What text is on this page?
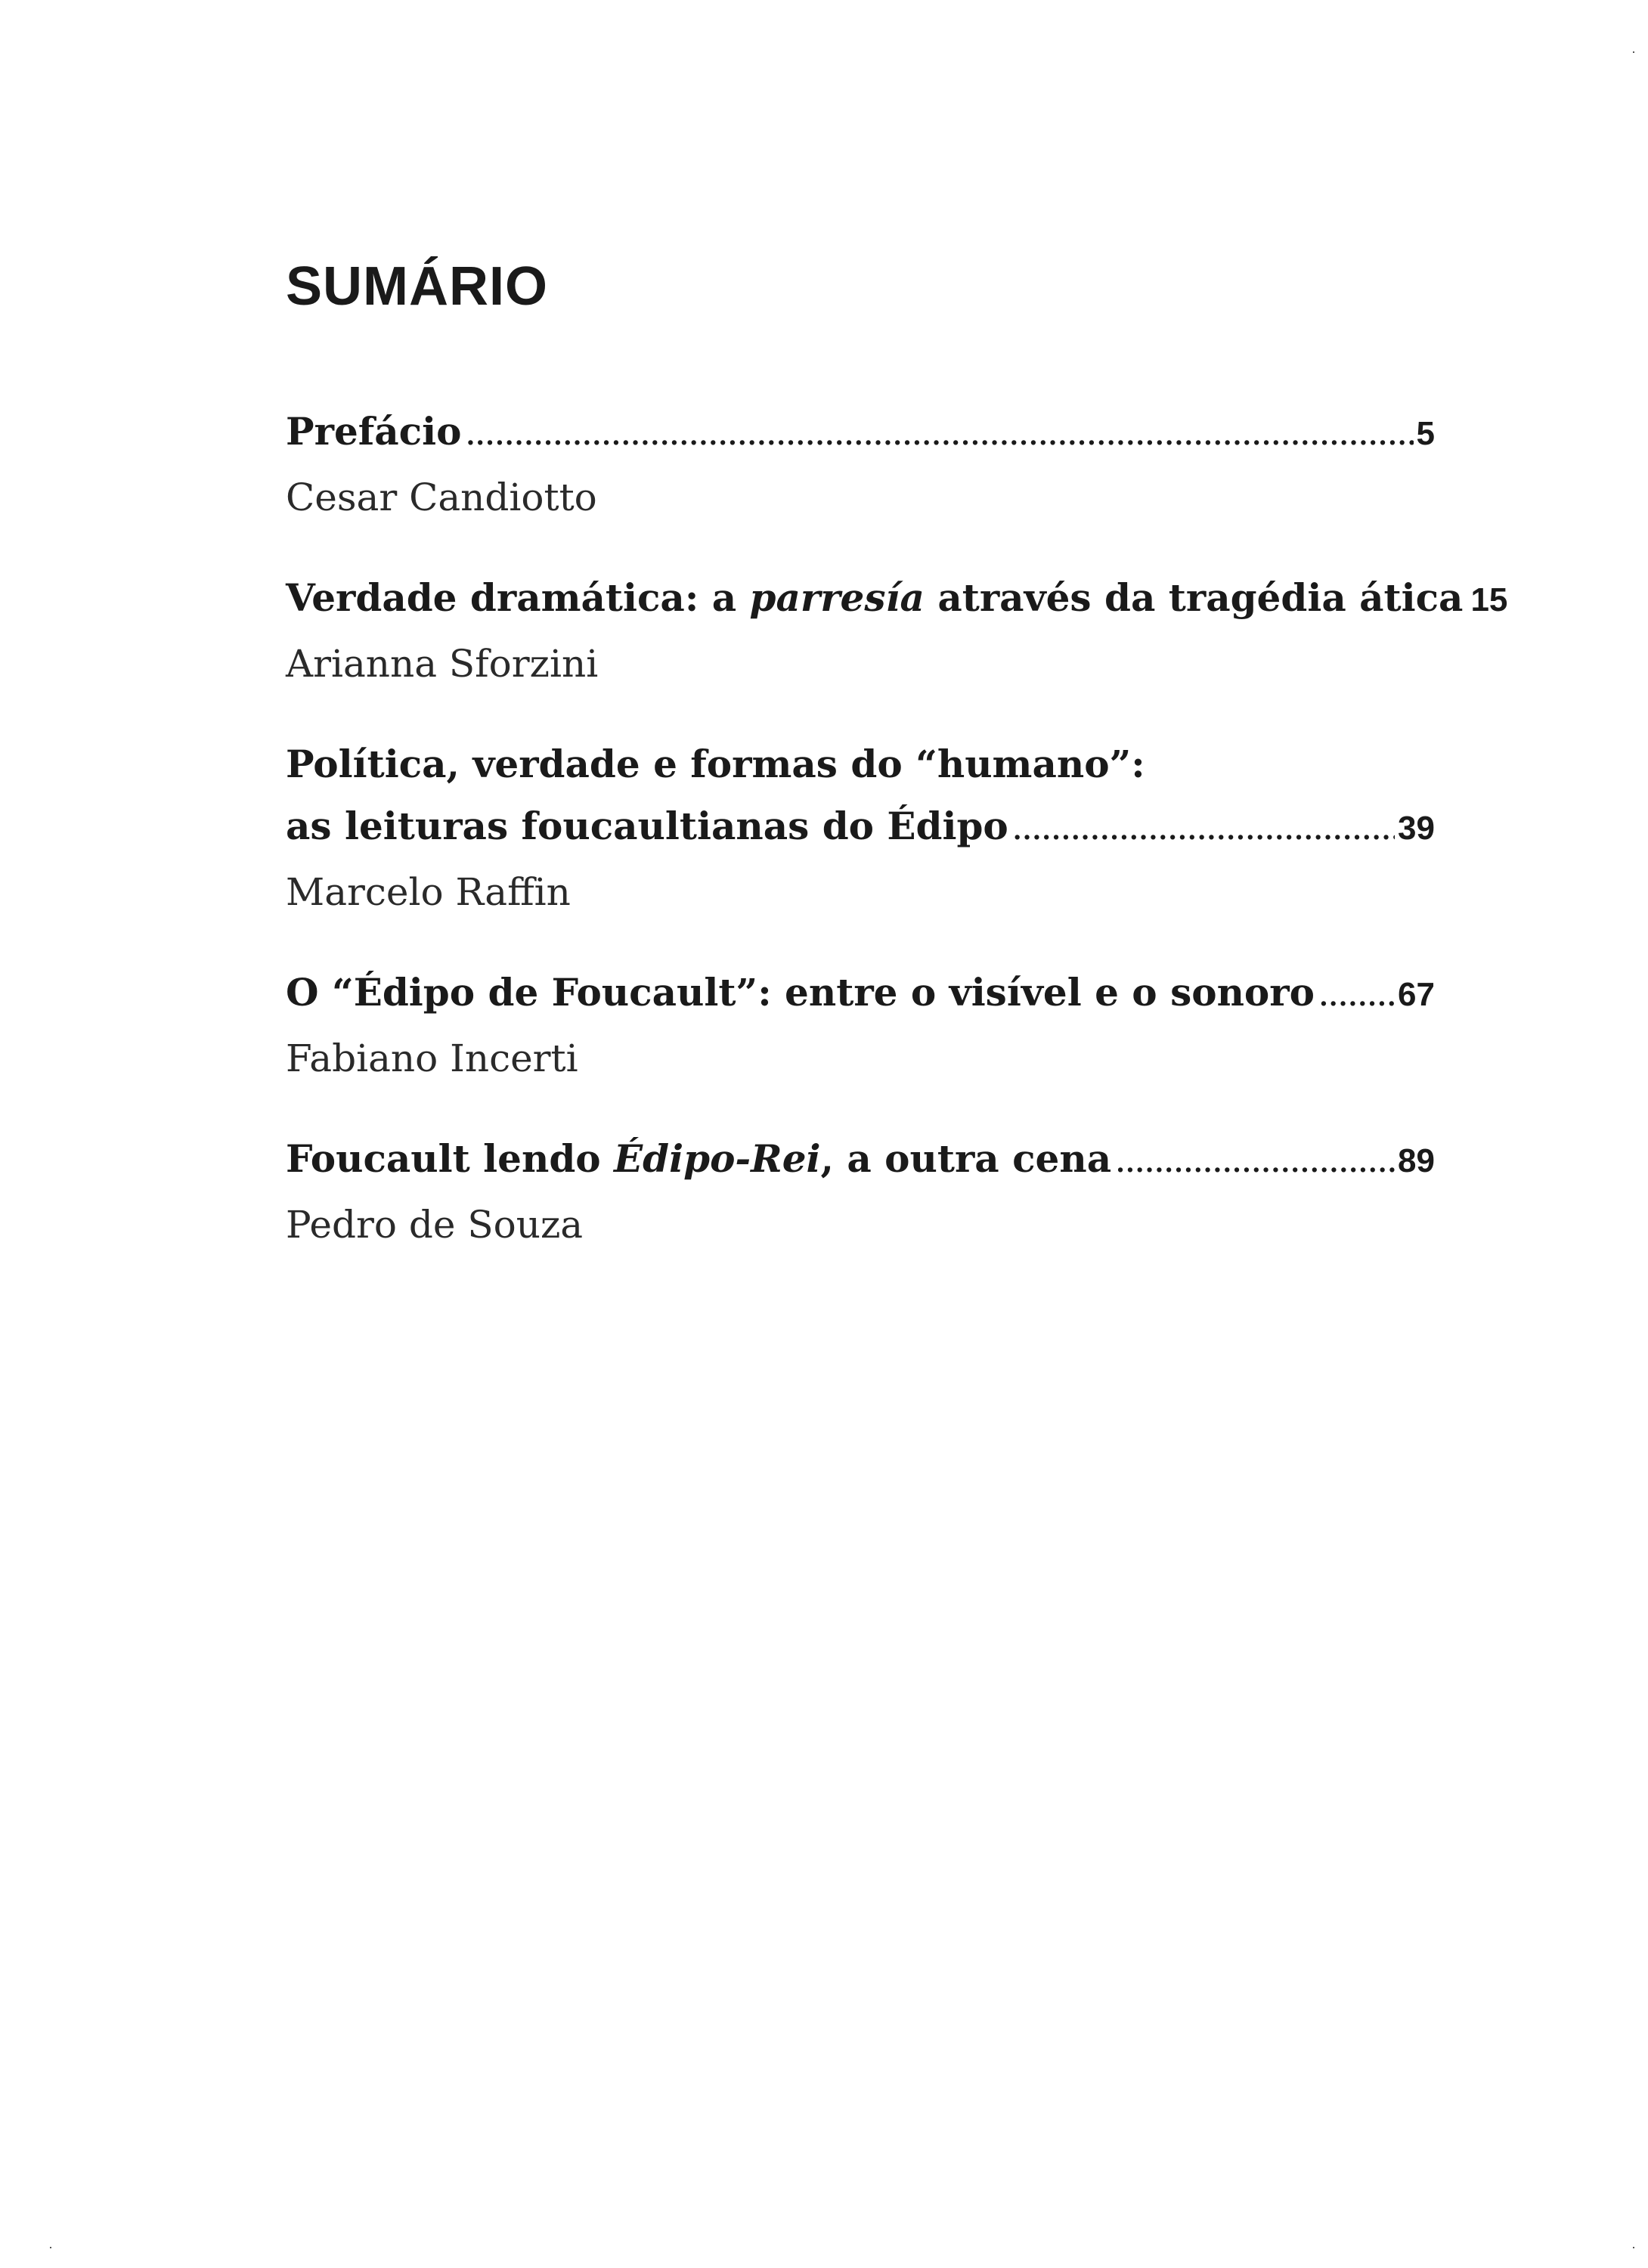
SUMÁRIO
Prefácio .....	5
Cesar Candiotto
Verdade dramática: a parresía através da tragédia ática 15
Arianna Sforzini
Política, verdade e formas do “humano”:
as leituras foucaultianas do Édipo .....	39
Marcelo Raffin
O “Édipo de Foucault”: entre o visível e o sonoro .....	67
Fabiano Incerti
Foucault lendo Édipo-Rei, a outra cena .....	89
Pedro de Souza
